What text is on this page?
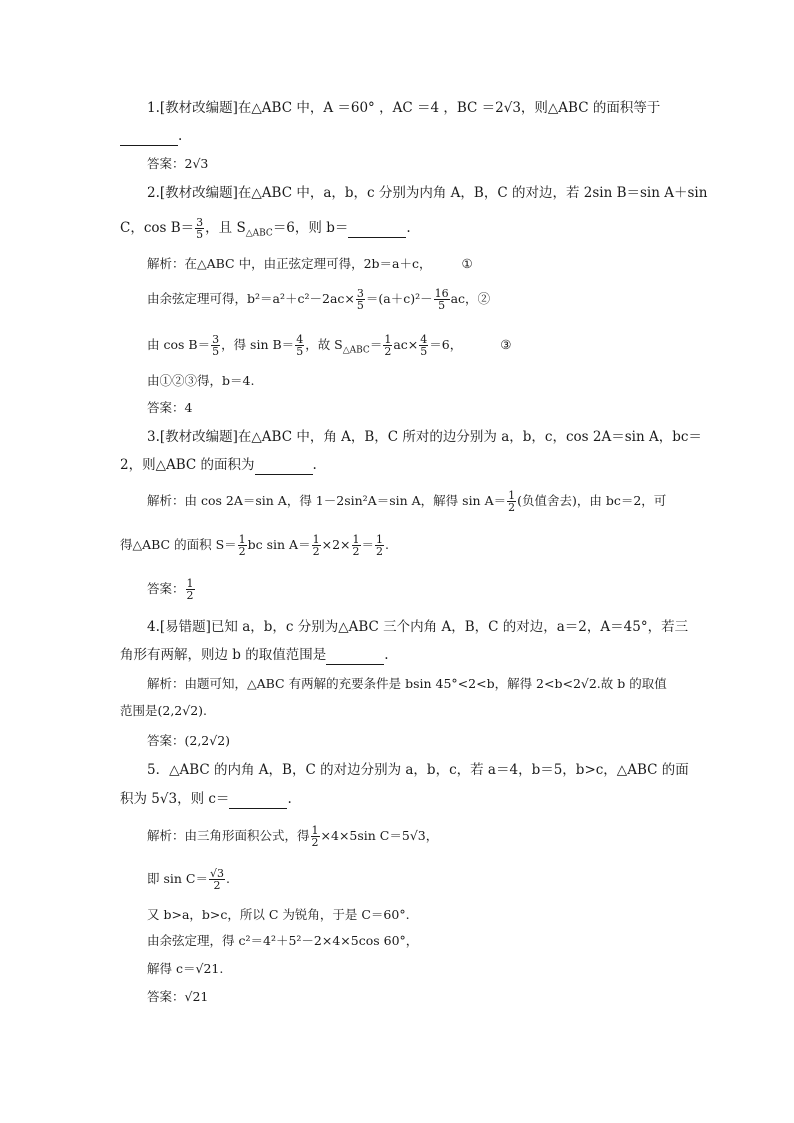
1.[教材改编题]在△ABC 中，A ＝60° ，AC ＝4 ，BC ＝2√3，则△ABC 的面积等于
.
答案：2√3
2.[教材改编题]在△ABC 中，a，b，c 分别为内角 A，B，C 的对边，若 2sin B＝sin A＋sin
C，$\cos B= \frac{3}{5}$ ，且 $S_{\triangle ABC}=6$，则 b＝	.
解析：在△ABC 中，由正弦定理可得，2b＝a＋c， ①
由余弦定理可得，$b^2=a^2+c^2-2ac\times \frac{3}{5} =(a+c)^2- \frac{16}{5}$ ac，②
由 $\cos B= \frac{3}{5}$ ，得 $\sin B= \frac{4}{5}$ ，故 $S_{\triangle ABC}= \frac{1}{2} ac\times \frac{4}{5} =6$，	③
由①②③得，b＝4.
答案：4
3.[教材改编题]在△ABC 中，角 A，B，C 所对的边分别为 a，b，c，cos 2A＝sin A，bc＝
2，则△ABC 的面积为	.
解析：由 cos 2A＝sin A，得 1－2sin²A＝sin A，解得 $\sin A= \frac{1}{2}$ (负值舍去)，由 bc＝2，可
得△ABC 的面积 $S= \frac{1}{2}$ bc $\sin A= \frac{1}{2} \times 2\times \frac{1}{2} = \frac{1}{2}$ .
答案： $\frac{1}{2}$
4.[易错题]已知 a，b，c 分别为△ABC 三个内角 A，B，C 的对边，a＝2，A＝45°，若三
角形有两解，则边 b 的取值范围是	.
解析：由题可知，△ABC 有两解的充要条件是 bsin 45°<2<b，解得 2<b<2√2.故 b 的取值
范围是(2,2√2).
答案：(2,2√2)
5．△ABC 的内角 A，B，C 的对边分别为 a，b，c，若 a＝4，b＝5，b>c，△ABC 的面
积为 5√3，则 c＝	.
解析：由三角形面积公式，得 $\frac{1}{2} \times 4\times 5\sin$ C＝5√3，
即 $\sin C= \frac{√3}{2}$ .
又 b>a，b>c，所以 C 为锐角，于是 C＝60°.
由余弦定理，得 c²＝4²＋5²－2×4×5cos 60°，
解得 c＝√21.
答案：√21
